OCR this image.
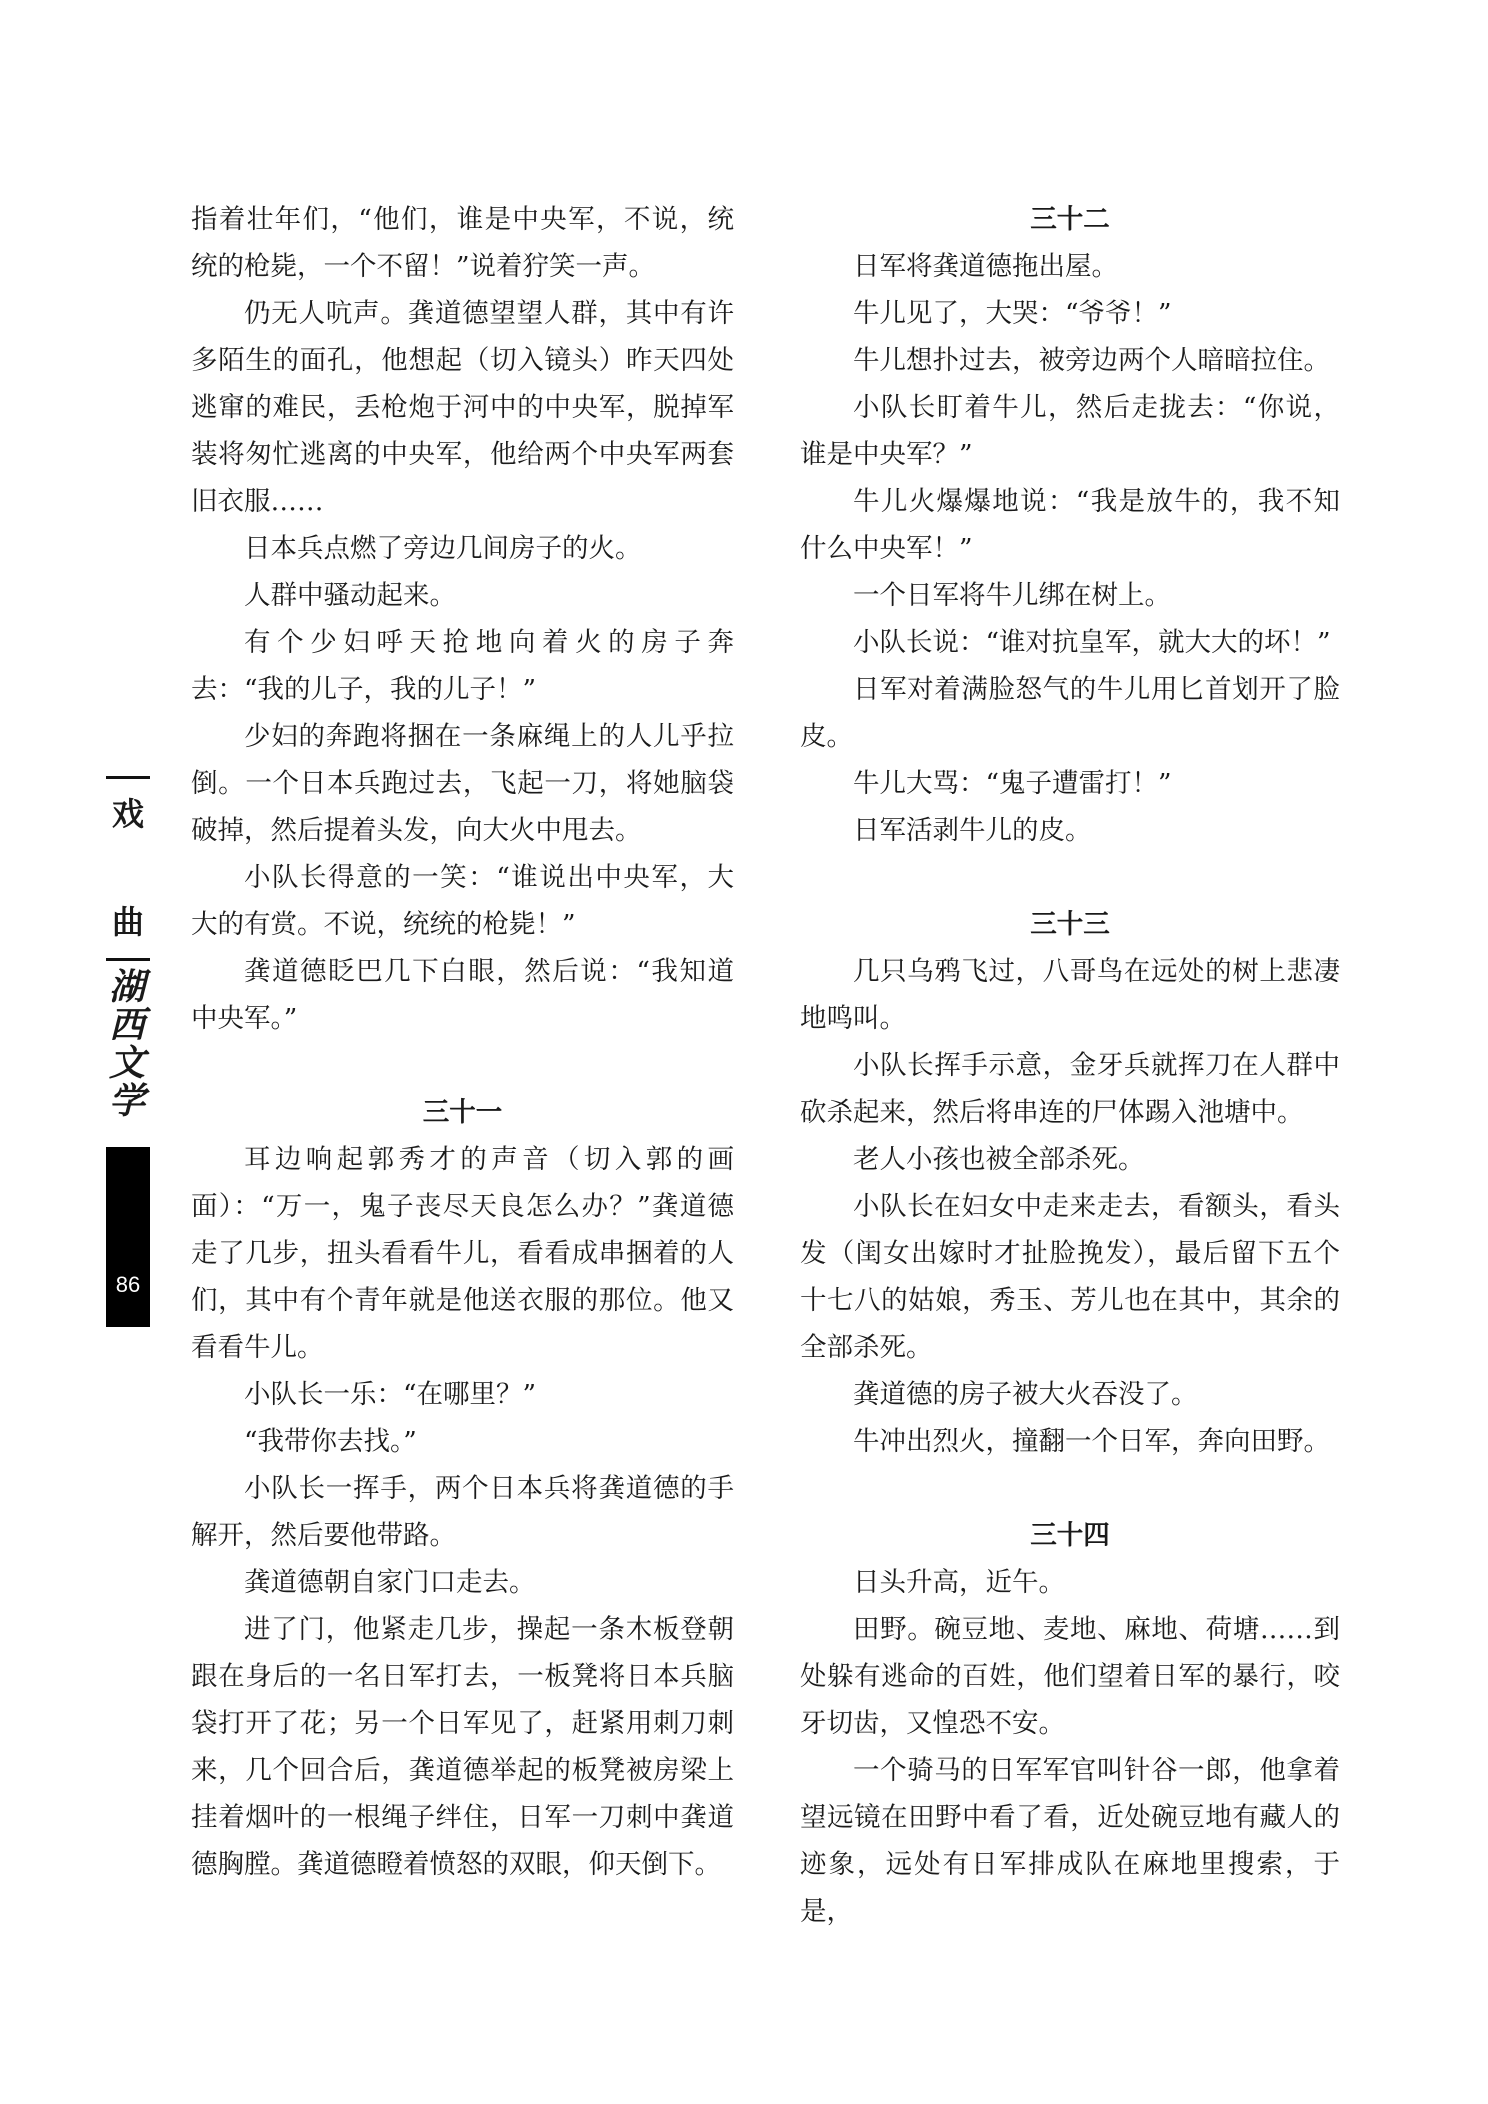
戏
曲
湖西文学
86

指着壮年们，“他们，谁是中央军，不说，统统的枪毙，一个不留！”说着狞笑一声。

仍无人吭声。龚道德望望人群，其中有许多陌生的面孔，他想起（切入镜头）昨天四处逃窜的难民，丢枪炮于河中的中央军，脱掉军装将匆忙逃离的中央军，他给两个中央军两套旧衣服……

日本兵点燃了旁边几间房子的火。

人群中骚动起来。

有个少妇呼天抢地向着火的房子奔去：“我的儿子，我的儿子！”

少妇的奔跑将捆在一条麻绳上的人儿乎拉倒。一个日本兵跑过去，飞起一刀，将她脑袋破掉，然后提着头发，向大火中甩去。

小队长得意的一笑：“谁说出中央军，大大的有赏。不说，统统的枪毙！”

龚道德眨巴几下白眼，然后说：“我知道中央军。”

三十一

耳边响起郭秀才的声音（切入郭的画面）：“万一，鬼子丧尽天良怎么办？”龚道德走了几步，扭头看看牛儿，看看成串捆着的人们，其中有个青年就是他送衣服的那位。他又看看牛儿。

小队长一乐：“在哪里？”

“我带你去找。”

小队长一挥手，两个日本兵将龚道德的手解开，然后要他带路。

龚道德朝自家门口走去。

进了门，他紧走几步，操起一条木板登朝跟在身后的一名日军打去，一板凳将日本兵脑袋打开了花；另一个日军见了，赶紧用刺刀刺来，几个回合后，龚道德举起的板凳被房梁上挂着烟叶的一根绳子绊住，日军一刀刺中龚道德胸膛。龚道德瞪着愤怒的双眼，仰天倒下。

三十二

日军将龚道德拖出屋。

牛儿见了，大哭：“爷爷！”

牛儿想扑过去，被旁边两个人暗暗拉住。

小队长盯着牛儿，然后走拢去：“你说，谁是中央军？”

牛儿火爆爆地说：“我是放牛的，我不知什么中央军！”

一个日军将牛儿绑在树上。

小队长说：“谁对抗皇军，就大大的坏！”

日军对着满脸怒气的牛儿用匕首划开了脸皮。

牛儿大骂：“鬼子遭雷打！”

日军活剥牛儿的皮。

三十三

几只乌鸦飞过，八哥鸟在远处的树上悲凄地鸣叫。

小队长挥手示意，金牙兵就挥刀在人群中砍杀起来，然后将串连的尸体踢入池塘中。

老人小孩也被全部杀死。

小队长在妇女中走来走去，看额头，看头发（闺女出嫁时才扯脸挽发），最后留下五个十七八的姑娘，秀玉、芳儿也在其中，其余的全部杀死。

龚道德的房子被大火吞没了。

牛冲出烈火，撞翻一个日军，奔向田野。

三十四

日头升高，近午。

田野。碗豆地、麦地、麻地、荷塘……到处躲有逃命的百姓，他们望着日军的暴行，咬牙切齿，又惶恐不安。

一个骑马的日军军官叫针谷一郎，他拿着望远镜在田野中看了看，近处碗豆地有藏人的迹象，远处有日军排成队在麻地里搜索，于是，
